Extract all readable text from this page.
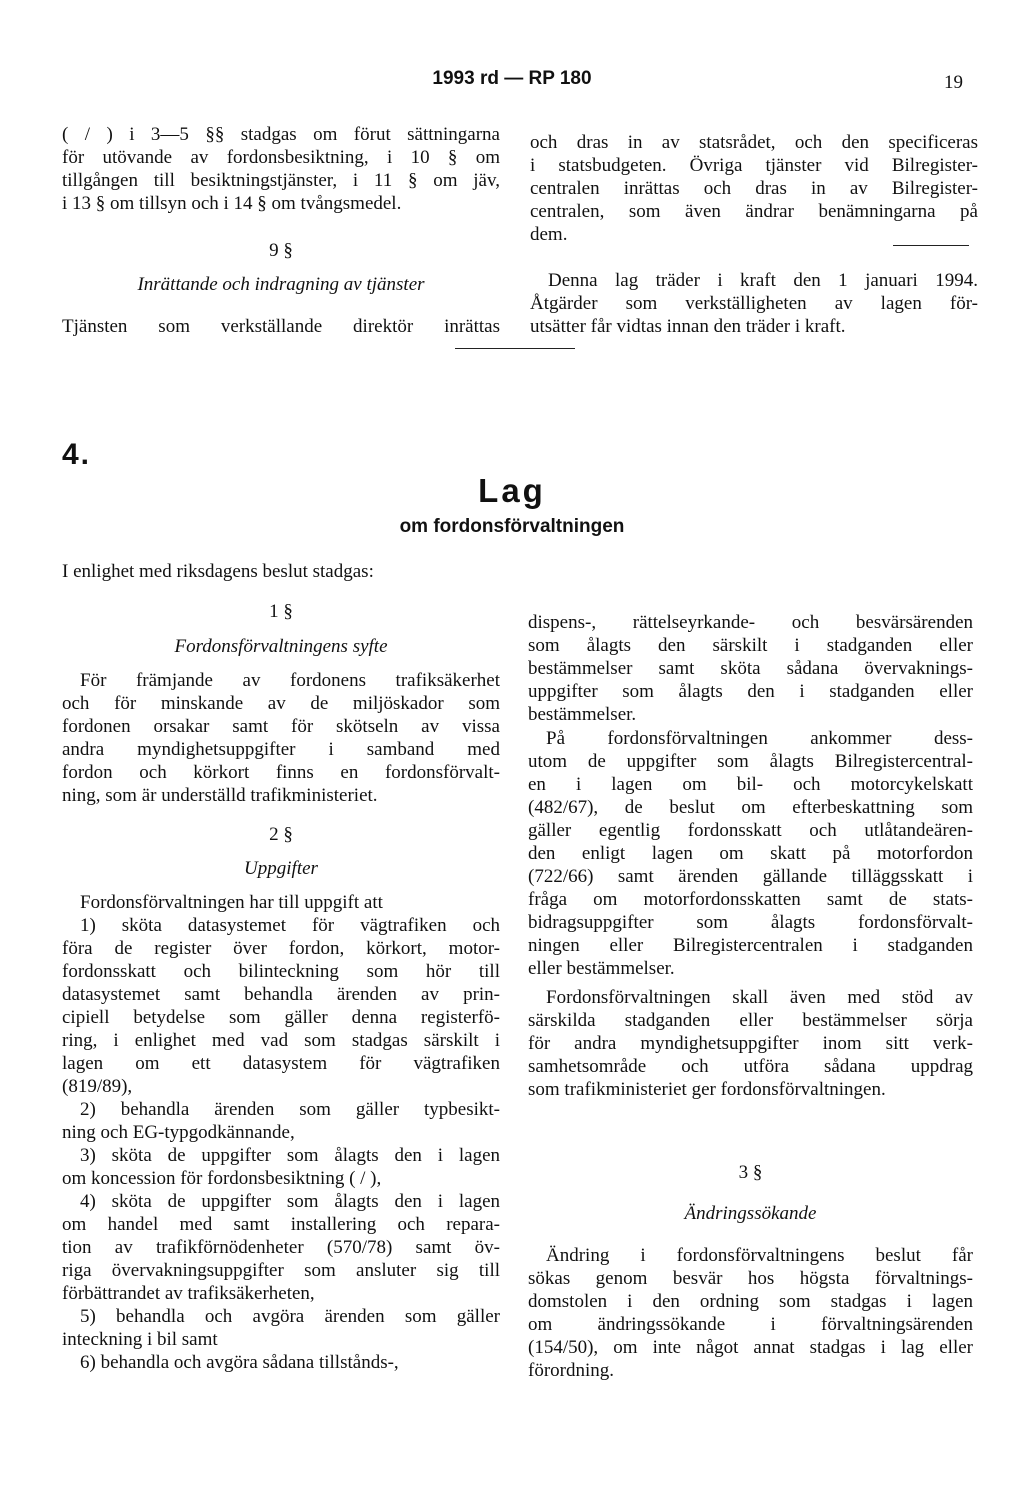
1993 rd — RP 180	19
( / ) i 3—5 §§ stadgas om förut sättningarna
för utövande av fordonsbesiktning, i 10 § om
tillgången till besiktningstjänster, i 11 § om jäv,
i 13 § om tillsyn och i 14 § om tvångsmedel.
9 §
Inrättande och indragning av tjänster
Tjänsten som verkställande direktör inrättas
och dras in av statsrådet, och den specificeras
i statsbudgeten. Övriga tjänster vid Bilregister-
centralen inrättas och dras in av Bilregister-
centralen, som även ändrar benämningarna på
dem.
Denna lag träder i kraft den 1 januari 1994.
Åtgärder som verkställigheten av lagen för-
utsätter får vidtas innan den träder i kraft.
4.
Lag
om fordonsförvaltningen
I enlighet med riksdagens beslut stadgas:
1 §
Fordonsförvaltningens syfte
För främjande av fordonens trafiksäkerhet
och för minskande av de miljöskador som
fordonen orsakar samt för skötseln av vissa
andra myndighetsuppgifter i samband med
fordon och körkort finns en fordonsförvalt-
ning, som är underställd trafikministeriet.
2 §
Uppgifter
Fordonsförvaltningen har till uppgift att
1) sköta datasystemet för vägtrafiken och
föra de register över fordon, körkort, motor-
fordonsskatt och bilinteckning som hör till
datasystemet samt behandla ärenden av prin-
cipiell betydelse som gäller denna registerfö-
ring, i enlighet med vad som stadgas särskilt i
lagen om ett datasystem för vägtrafiken
(819/89),
2) behandla ärenden som gäller typbesikt-
ning och EG-typgodkännande,
3) sköta de uppgifter som ålagts den i lagen
om koncession för fordonsbesiktning ( / ),
4) sköta de uppgifter som ålagts den i lagen
om handel med samt installering och repara-
tion av trafikförnödenheter (570/78) samt öv-
riga övervakningsuppgifter som ansluter sig till
förbättrandet av trafiksäkerheten,
5) behandla och avgöra ärenden som gäller
inteckning i bil samt
6) behandla och avgöra sådana tillstånds-,
dispens-, rättelseyrkande- och besvärsärenden
som ålagts den särskilt i stadganden eller
bestämmelser samt sköta sådana övervaknings-
uppgifter som ålagts den i stadganden eller
bestämmelser.
På fordonsförvaltningen ankommer dess-
utom de uppgifter som ålagts Bilregistercentral-
en i lagen om bil- och motorcykelskatt
(482/67), de beslut om efterbeskattning som
gäller egentlig fordonsskatt och utlåtandeären-
den enligt lagen om skatt på motorfordon
(722/66) samt ärenden gällande tilläggsskatt i
fråga om motorfordonsskatten samt de stats-
bidragsuppgifter som ålagts fordonsförvalt-
ningen eller Bilregistercentralen i stadganden
eller bestämmelser.
Fordonsförvaltningen skall även med stöd av
särskilda stadganden eller bestämmelser sörja
för andra myndighetsuppgifter inom sitt verk-
samhetsområde och utföra sådana uppdrag
som trafikministeriet ger fordonsförvaltningen.
3 §
Ändringssökande
Ändring i fordonsförvaltningens beslut får
sökas genom besvär hos högsta förvaltnings-
domstolen i den ordning som stadgas i lagen
om ändringssökande i förvaltningsärenden
(154/50), om inte något annat stadgas i lag eller
förordning.
